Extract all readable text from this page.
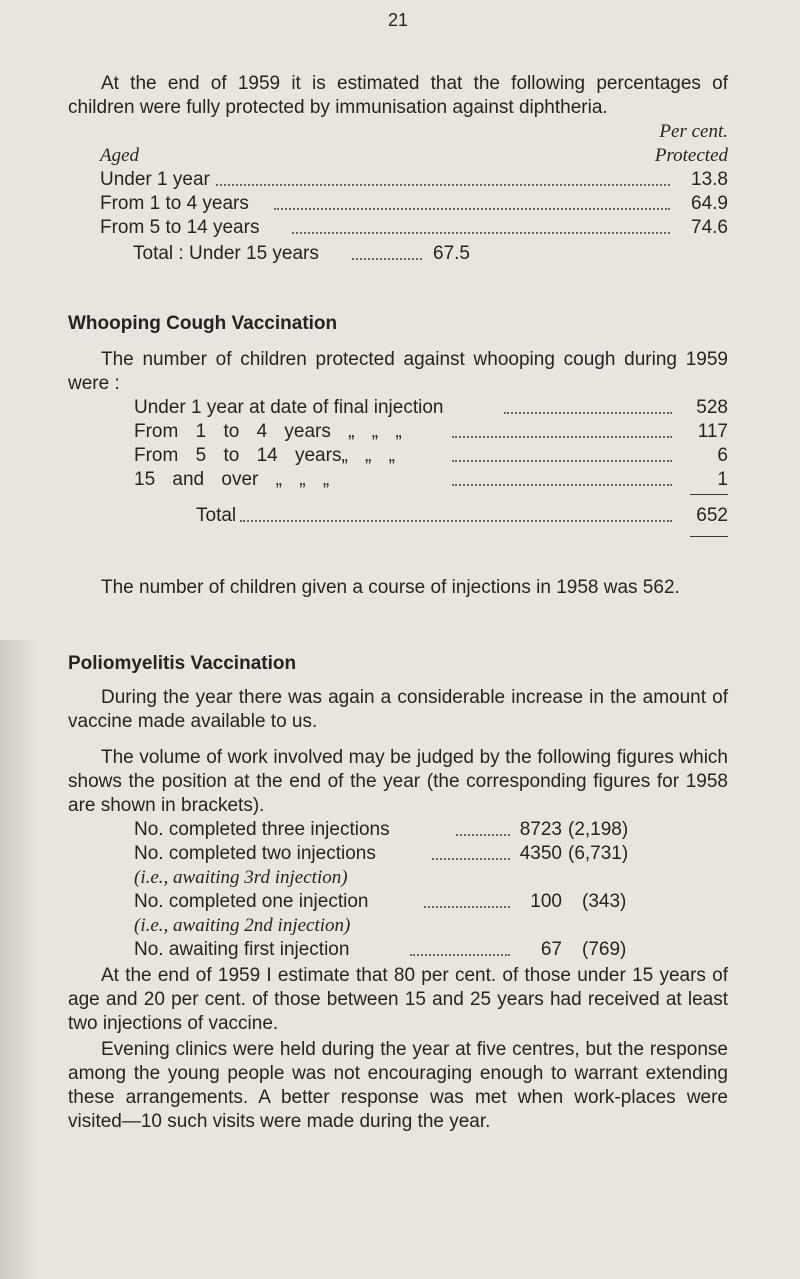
21
At the end of 1959 it is estimated that the following percentages of children were fully protected by immunisation against diphtheria.
Per cent.
Protected
Aged
Under 1 year	13.8
From 1 to 4 years	64.9
From 5 to 14 years	74.6
Total : Under 15 years	67.5
Whooping Cough Vaccination
The number of children protected against whooping cough during 1959 were :
Under 1 year at date of final injection	528
From 1 to 4 years „ „ „	117
From 5 to 14 years„ „ „	6
15 and over „ „ „	1
Total	652
The number of children given a course of injections in 1958 was 562.
Poliomyelitis Vaccination
During the year there was again a considerable increase in the amount of vaccine made available to us.
The volume of work involved may be judged by the following figures which shows the position at the end of the year (the corresponding figures for 1958 are shown in brackets).
No. completed three injections	8723 (2,198)
No. completed two injections	4350 (6,731)
(i.e., awaiting 3rd injection)
No. completed one injection	100 (343)
(i.e., awaiting 2nd injection)
No. awaiting first injection	67 (769)
At the end of 1959 I estimate that 80 per cent. of those under 15 years of age and 20 per cent. of those between 15 and 25 years had received at least two injections of vaccine.
Evening clinics were held during the year at five centres, but the response among the young people was not encouraging enough to warrant extending these arrangements. A better response was met when work-places were visited—10 such visits were made during the year.
